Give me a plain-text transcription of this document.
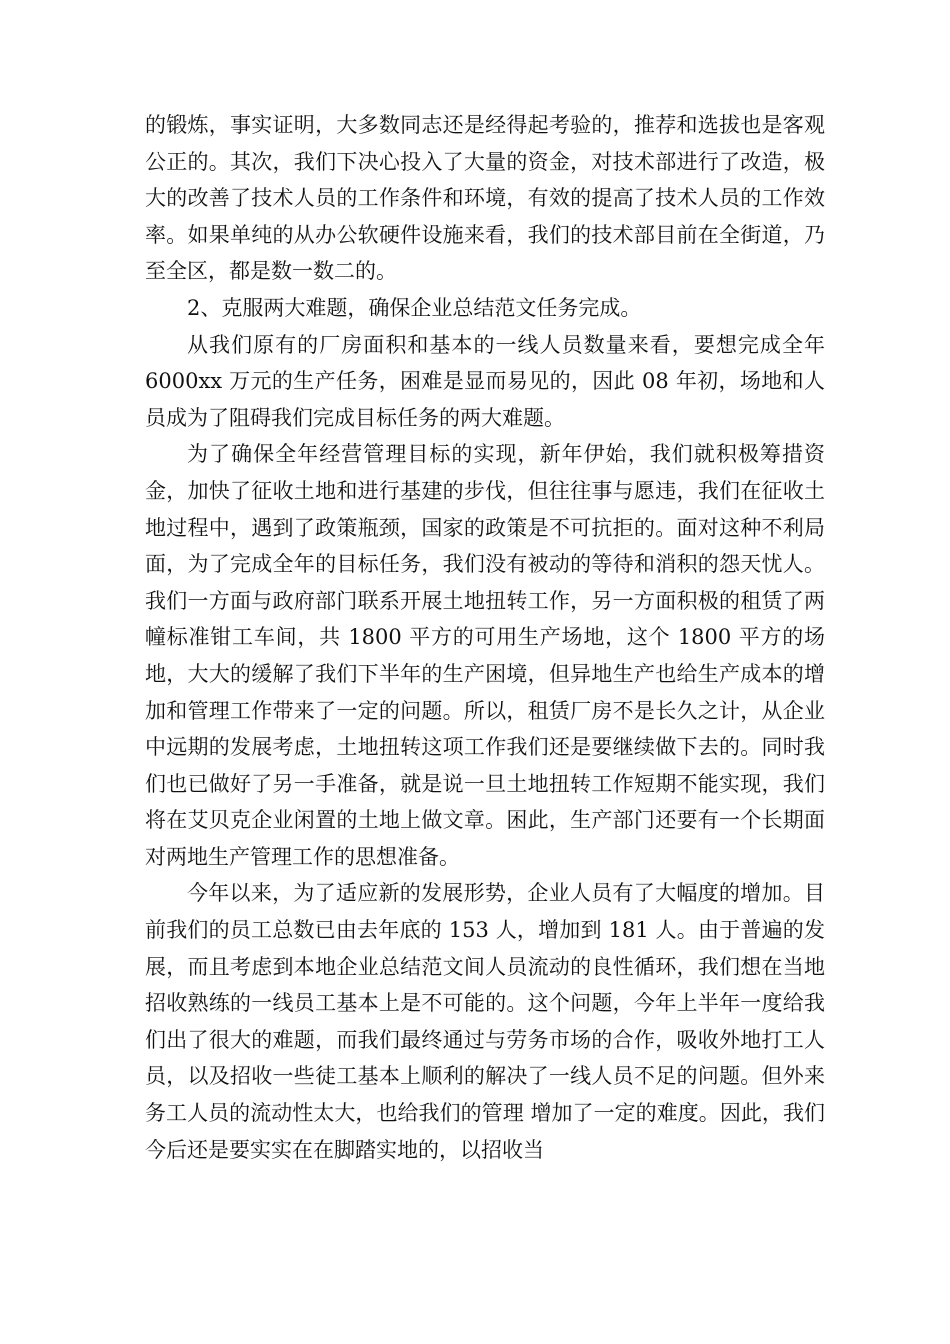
的锻炼，事实证明，大多数同志还是经得起考验的，推荐和选拔也是客观公正的。其次，我们下决心投入了大量的资金，对技术部进行了改造，极大的改善了技术人员的工作条件和环境，有效的提高了技术人员的工作效率。如果单纯的从办公软硬件设施来看，我们的技术部目前在全街道，乃至全区，都是数一数二的。

2、克服两大难题，确保企业总结范文任务完成。

从我们原有的厂房面积和基本的一线人员数量来看，要想完成全年 6000xx 万元的生产任务，困难是显而易见的，因此 08 年初，场地和人员成为了阻碍我们完成目标任务的两大难题。

为了确保全年经营管理目标的实现，新年伊始，我们就积极筹措资金，加快了征收土地和进行基建的步伐，但往往事与愿违，我们在征收土地过程中，遇到了政策瓶颈，国家的政策是不可抗拒的。面对这种不利局面，为了完成全年的目标任务，我们没有被动的等待和消积的怨天忧人。我们一方面与政府部门联系开展土地扭转工作，另一方面积极的租赁了两幢标准钳工车间，共 1800 平方的可用生产场地，这个 1800 平方的场地，大大的缓解了我们下半年的生产困境，但异地生产也给生产成本的增加和管理工作带来了一定的问题。所以，租赁厂房不是长久之计，从企业中远期的发展考虑，土地扭转这项工作我们还是要继续做下去的。同时我们也已做好了另一手准备，就是说一旦土地扭转工作短期不能实现，我们将在艾贝克企业闲置的土地上做文章。困此，生产部门还要有一个长期面对两地生产管理工作的思想准备。

今年以来，为了适应新的发展形势，企业人员有了大幅度的增加。目前我们的员工总数已由去年底的 153 人，增加到 181 人。由于普遍的发展，而且考虑到本地企业总结范文间人员流动的良性循环，我们想在当地招收熟练的一线员工基本上是不可能的。这个问题，今年上半年一度给我们出了很大的难题，而我们最终通过与劳务市场的合作，吸收外地打工人员，以及招收一些徒工基本上顺利的解决了一线人员不足的问题。但外来务工人员的流动性太大，也给我们的管理 增加了一定的难度。因此，我们今后还是要实实在在脚踏实地的，以招收当
